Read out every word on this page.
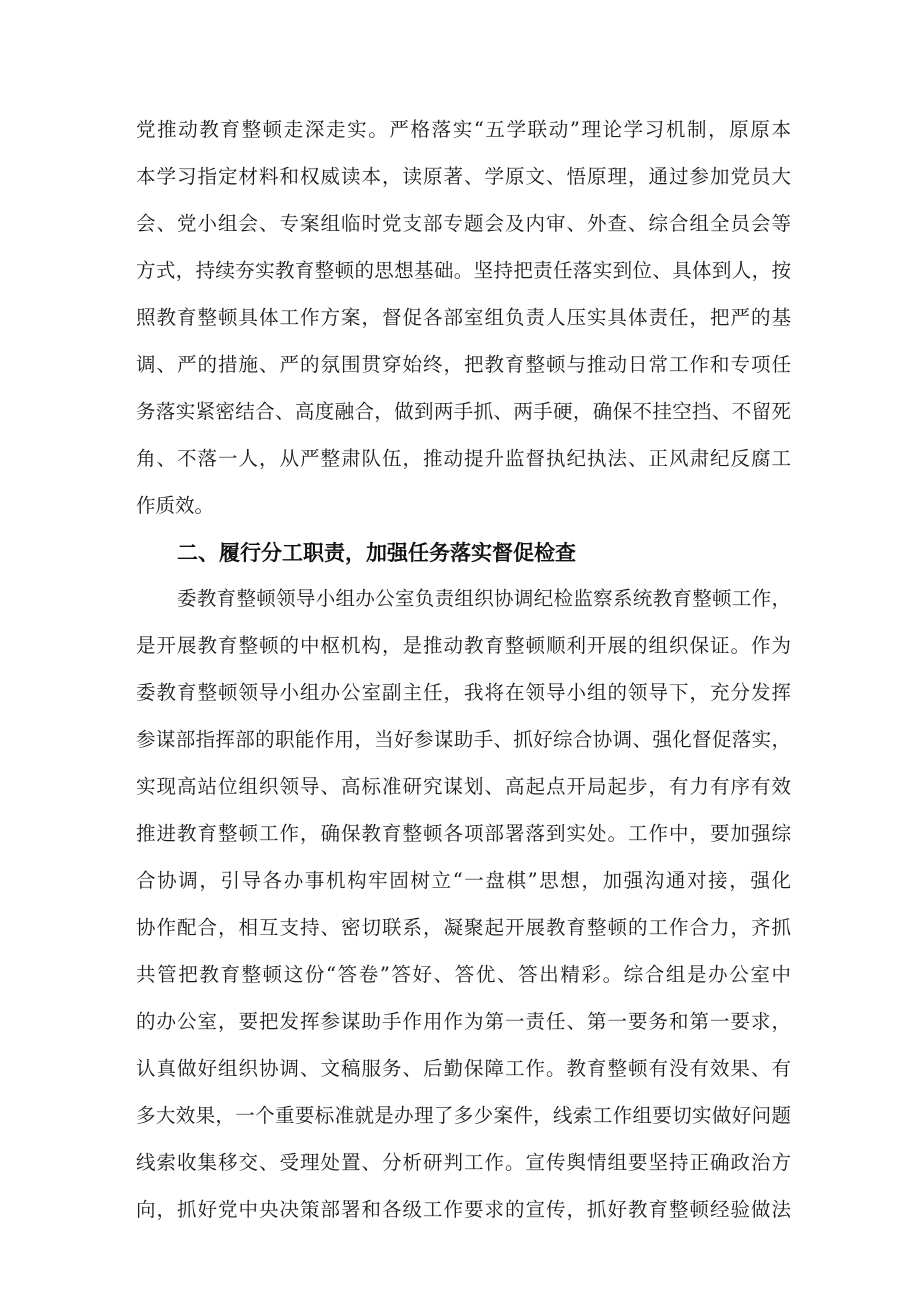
党推动教育整顿走深走实。严格落实“五学联动”理论学习机制，原原本
本学习指定材料和权威读本，读原著、学原文、悟原理，通过参加党员大
会、党小组会、专案组临时党支部专题会及内审、外查、综合组全员会等
方式，持续夯实教育整顿的思想基础。坚持把责任落实到位、具体到人，按
照教育整顿具体工作方案，督促各部室组负责人压实具体责任，把严的基
调、严的措施、严的氛围贯穿始终，把教育整顿与推动日常工作和专项任
务落实紧密结合、高度融合，做到两手抓、两手硬，确保不挂空挡、不留死
角、不落一人，从严整肃队伍，推动提升监督执纪执法、正风肃纪反腐工
作质效。
二、履行分工职责，加强任务落实督促检查
委教育整顿领导小组办公室负责组织协调纪检监察系统教育整顿工作，
是开展教育整顿的中枢机构，是推动教育整顿顺利开展的组织保证。作为
委教育整顿领导小组办公室副主任，我将在领导小组的领导下，充分发挥
参谋部指挥部的职能作用，当好参谋助手、抓好综合协调、强化督促落实，
实现高站位组织领导、高标准研究谋划、高起点开局起步，有力有序有效
推进教育整顿工作，确保教育整顿各项部署落到实处。工作中，要加强综
合协调，引导各办事机构牢固树立“一盘棋”思想，加强沟通对接，强化
协作配合，相互支持、密切联系，凝聚起开展教育整顿的工作合力，齐抓
共管把教育整顿这份“答卷”答好、答优、答出精彩。综合组是办公室中
的办公室，要把发挥参谋助手作用作为第一责任、第一要务和第一要求，
认真做好组织协调、文稿服务、后勤保障工作。教育整顿有没有效果、有
多大效果，一个重要标准就是办理了多少案件，线索工作组要切实做好问题
线索收集移交、受理处置、分析研判工作。宣传舆情组要坚持正确政治方
向，抓好党中央决策部署和各级工作要求的宣传，抓好教育整顿经验做法
